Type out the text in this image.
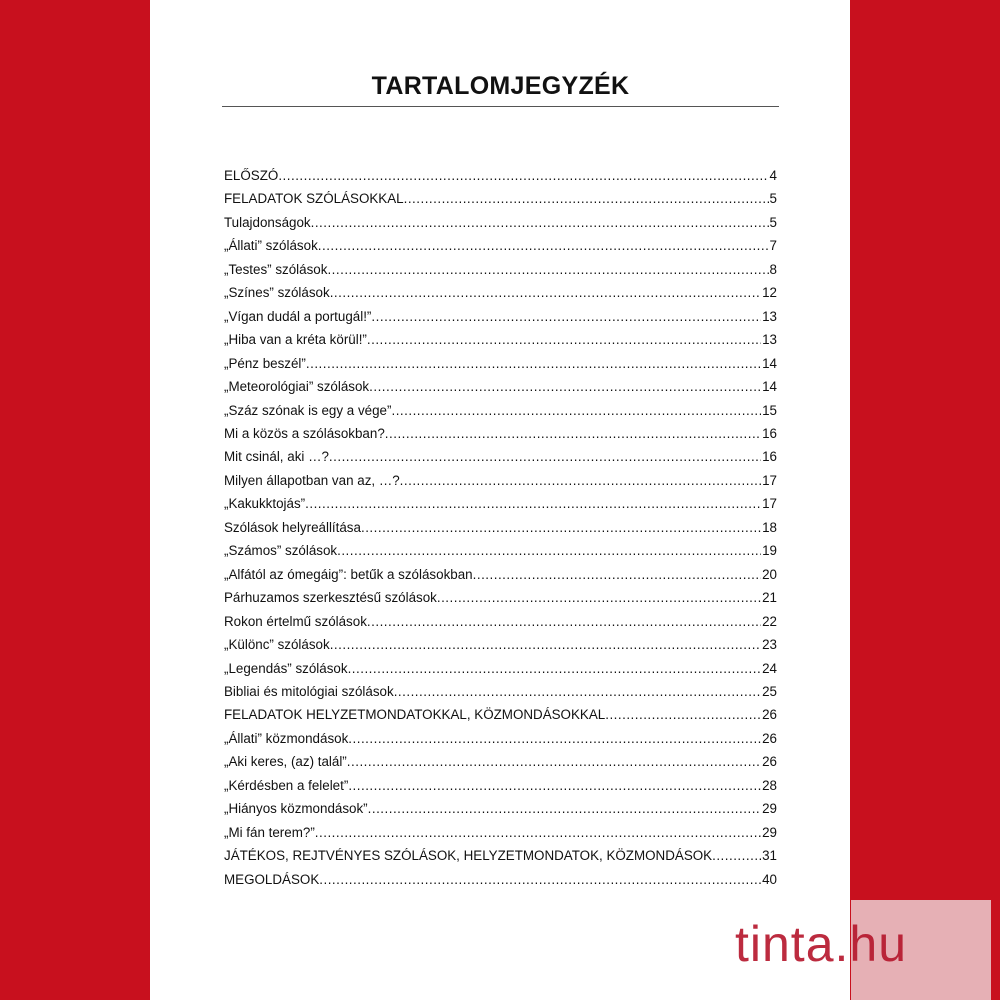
TARTALOMJEGYZÉK
ELŐSZÓ .....	4
FELADATOK SZÓLÁSOKKAL .....	5
Tulajdonságok .....	5
„Állati” szólások .....	7
„Testes” szólások .....	8
„Színes” szólások .....	12
„Vígan dudál a portugál!” .....	13
„Hiba van a kréta körül!” .....	13
„Pénz beszél” .....	14
„Meteorológiai” szólások .....	14
„Száz szónak is egy a vége” .....	15
Mi a közös a szólásokban? .....	16
Mit csinál, aki …? .....	16
Milyen állapotban van az, …? .....	17
„Kakukktojás” .....	17
Szólások helyreállítása .....	18
„Számos” szólások .....	19
„Alfától az ómegáig”: betűk a szólásokban .....	20
Párhuzamos szerkesztésű szólások .....	21
Rokon értelmű szólások .....	22
„Különc” szólások .....	23
„Legendás” szólások .....	24
Bibliai és mitológiai szólások .....	25
FELADATOK HELYZETMONDATOKKAL, KÖZMONDÁSOKKAL .....	26
„Állati” közmondások .....	26
„Aki keres, (az) talál” .....	26
„Kérdésben a felelet” .....	28
„Hiányos közmondások” .....	29
„Mi fán terem?” .....	29
JÁTÉKOS, REJTVÉNYES SZÓLÁSOK, HELYZETMONDATOK, KÖZMONDÁSOK .....	31
MEGOLDÁSOK .....	40
tinta.hu
